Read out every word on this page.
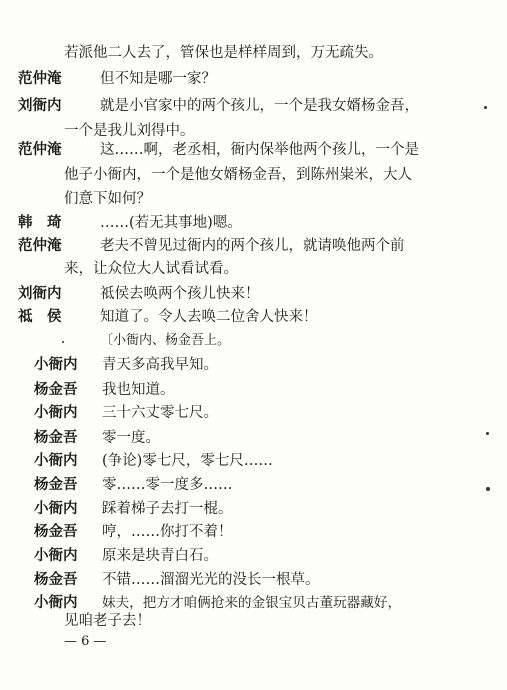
若派他二人去了，管保也是样样周到，万无疏失。
范仲淹	但不知是哪一家？
刘衙内	就是小官家中的两个孩儿，一个是我女婿杨金吾，
一个是我儿刘得中。
范仲淹	这……啊，老丞相，衙内保举他两个孩儿，一个是
他子小衙内，一个是他女婿杨金吾，到陈州粜米，大人
们意下如何？
韩　琦	……(若无其事地)嗯。
范仲淹	老夫不曾见过衙内的两个孩儿，就请唤他两个前
来，让众位大人试看试看。
刘衙内	祗侯去唤两个孩儿快来！
祗　侯	知道了。令人去唤二位舍人快来！
〔小衙内、杨金吾上。
小衙内 青天多高我早知。
杨金吾 我也知道。
小衙内 三十六丈零七尺。
杨金吾 零一度。
小衙内 (争论)零七尺，零七尺……
杨金吾 零……零一度多……
小衙内 踩着梯子去打一棍。
杨金吾 哼，……你打不着！
小衙内 原来是块青白石。
杨金吾 不错……溜溜光光的没长一根草。
小衙内 妹夫，把方才咱俩抢来的金银宝贝古董玩器藏好，
见咱老子去！
— 6 —
